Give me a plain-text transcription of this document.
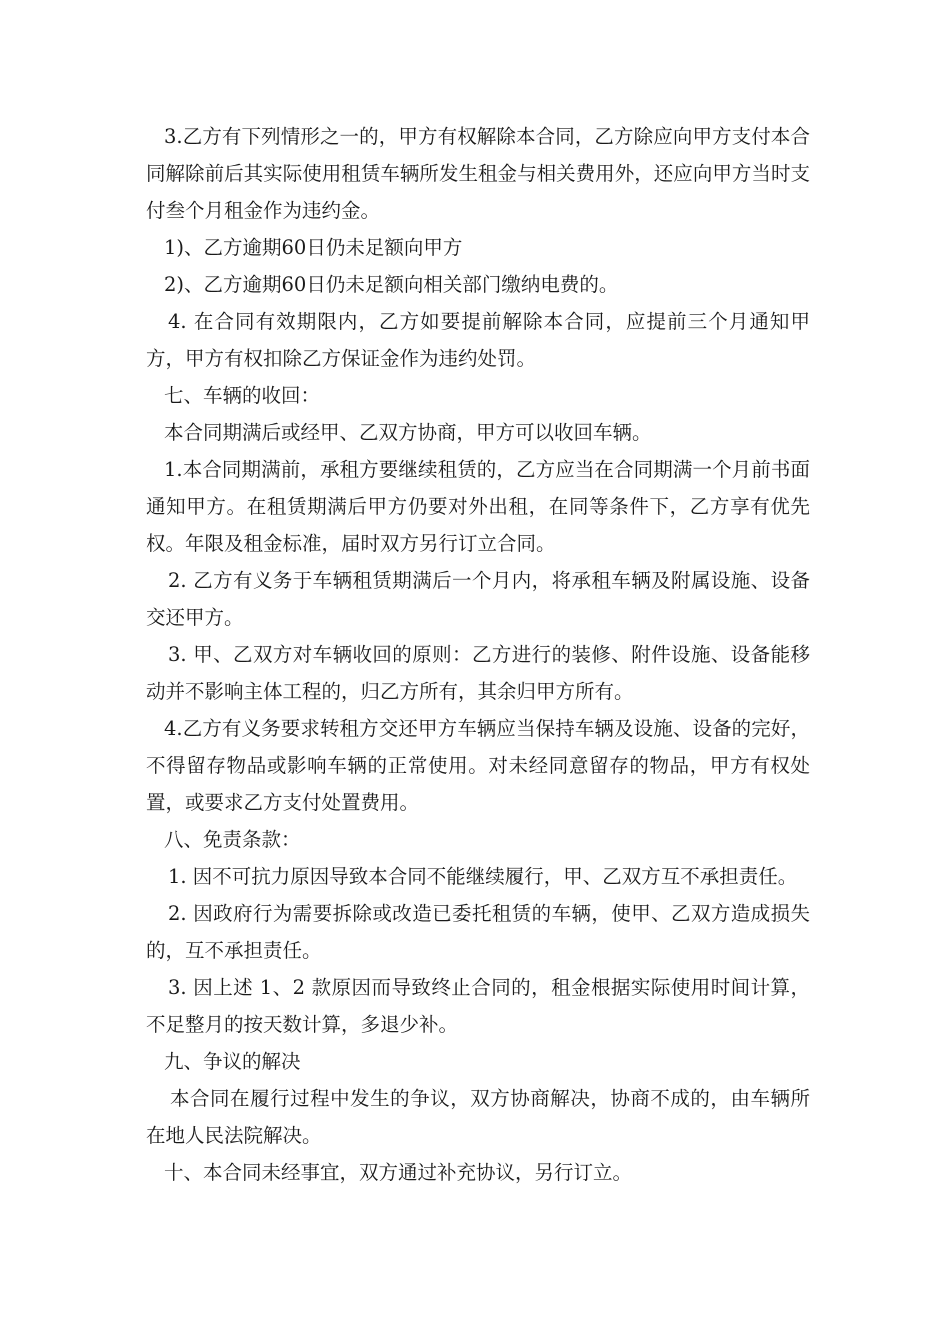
3.乙方有下列情形之一的，甲方有权解除本合同，乙方除应向甲方支付本合同解除前后其实际使用租赁车辆所发生租金与相关费用外，还应向甲方当时支付叁个月租金作为违约金。

1)、乙方逾期60日仍未足额向甲方

2)、乙方逾期60日仍未足额向相关部门缴纳电费的。

4. 在合同有效期限内，乙方如要提前解除本合同，应提前三个月通知甲方，甲方有权扣除乙方保证金作为违约处罚。

七、车辆的收回：

本合同期满后或经甲、乙双方协商，甲方可以收回车辆。

1.本合同期满前，承租方要继续租赁的，乙方应当在合同期满一个月前书面通知甲方。在租赁期满后甲方仍要对外出租，在同等条件下，乙方享有优先权。年限及租金标准，届时双方另行订立合同。

2. 乙方有义务于车辆租赁期满后一个月内，将承租车辆及附属设施、设备交还甲方。

3. 甲、乙双方对车辆收回的原则：乙方进行的装修、附件设施、设备能移动并不影响主体工程的，归乙方所有，其余归甲方所有。

4.乙方有义务要求转租方交还甲方车辆应当保持车辆及设施、设备的完好，不得留存物品或影响车辆的正常使用。对未经同意留存的物品，甲方有权处置，或要求乙方支付处置费用。

八、免责条款：

1. 因不可抗力原因导致本合同不能继续履行，甲、乙双方互不承担责任。

2. 因政府行为需要拆除或改造已委托租赁的车辆，使甲、乙双方造成损失的，互不承担责任。

3. 因上述 1、2 款原因而导致终止合同的，租金根据实际使用时间计算，不足整月的按天数计算，多退少补。

九、争议的解决

本合同在履行过程中发生的争议，双方协商解决，协商不成的，由车辆所在地人民法院解决。

十、本合同未经事宜，双方通过补充协议，另行订立。
